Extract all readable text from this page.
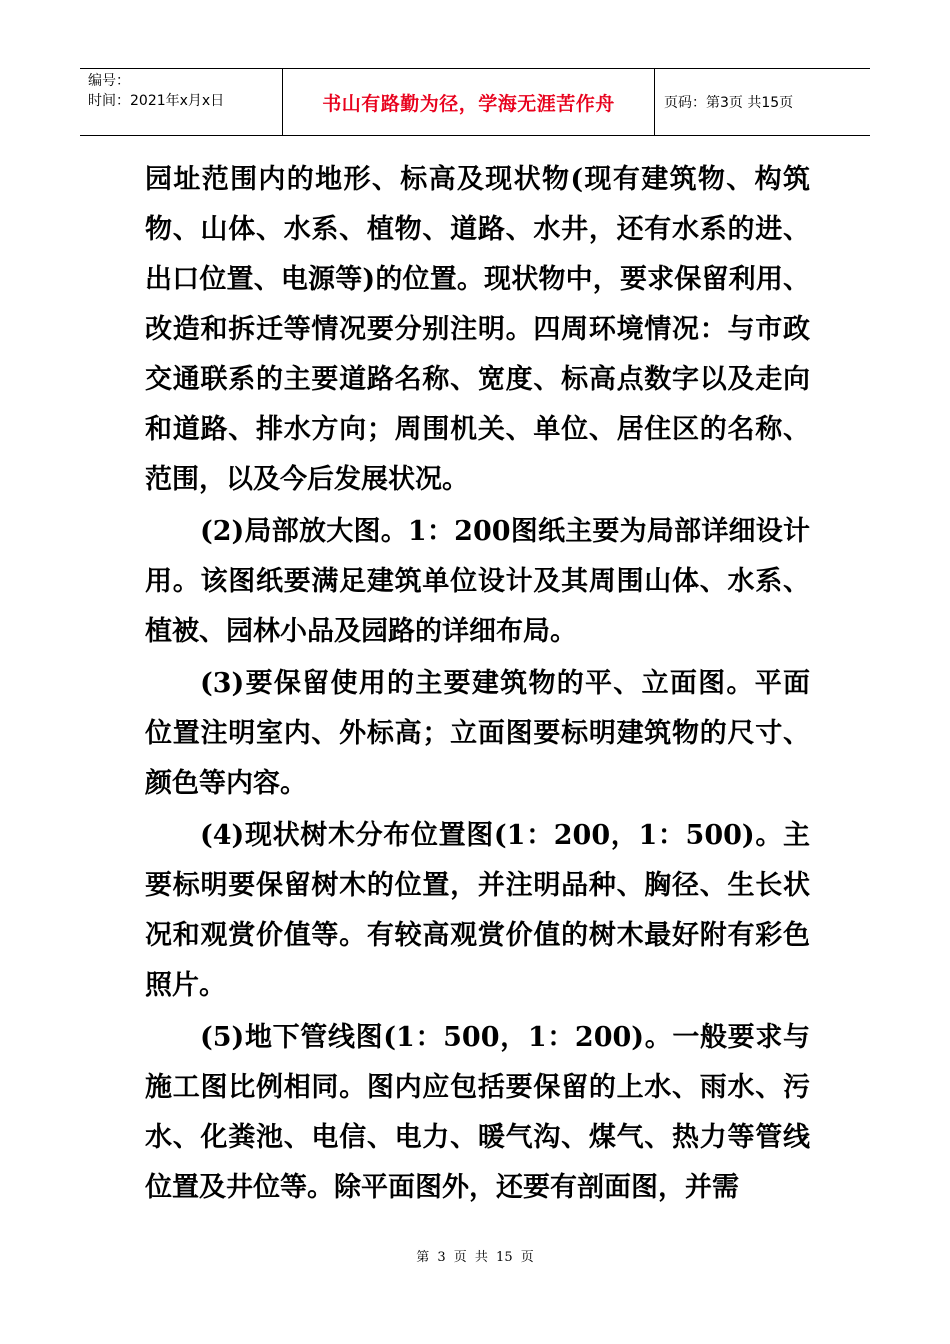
编号：
时间：2021年x月x日	书山有路勤为径，学海无涯苦作舟	页码：第3页 共15页

园址范围内的地形、标高及现状物(现有建筑物、构筑物、山体、水系、植物、道路、水井，还有水系的进、出口位置、电源等)的位置。现状物中，要求保留利用、改造和拆迁等情况要分别注明。四周环境情况：与市政交通联系的主要道路名称、宽度、标高点数字以及走向和道路、排水方向；周围机关、单位、居住区的名称、范围，以及今后发展状况。

(2)局部放大图。1：200图纸主要为局部详细设计用。该图纸要满足建筑单位设计及其周围山体、水系、植被、园林小品及园路的详细布局。

(3)要保留使用的主要建筑物的平、立面图。平面位置注明室内、外标高；立面图要标明建筑物的尺寸、颜色等内容。

(4)现状树木分布位置图(1：200，1：500)。主要标明要保留树木的位置，并注明品种、胸径、生长状况和观赏价值等。有较高观赏价值的树木最好附有彩色照片。

(5)地下管线图(1：500，1：200)。一般要求与施工图比例相同。图内应包括要保留的上水、雨水、污水、化粪池、电信、电力、暖气沟、煤气、热力等管线位置及井位等。除平面图外，还要有剖面图，并需

第 3 页 共 15 页
